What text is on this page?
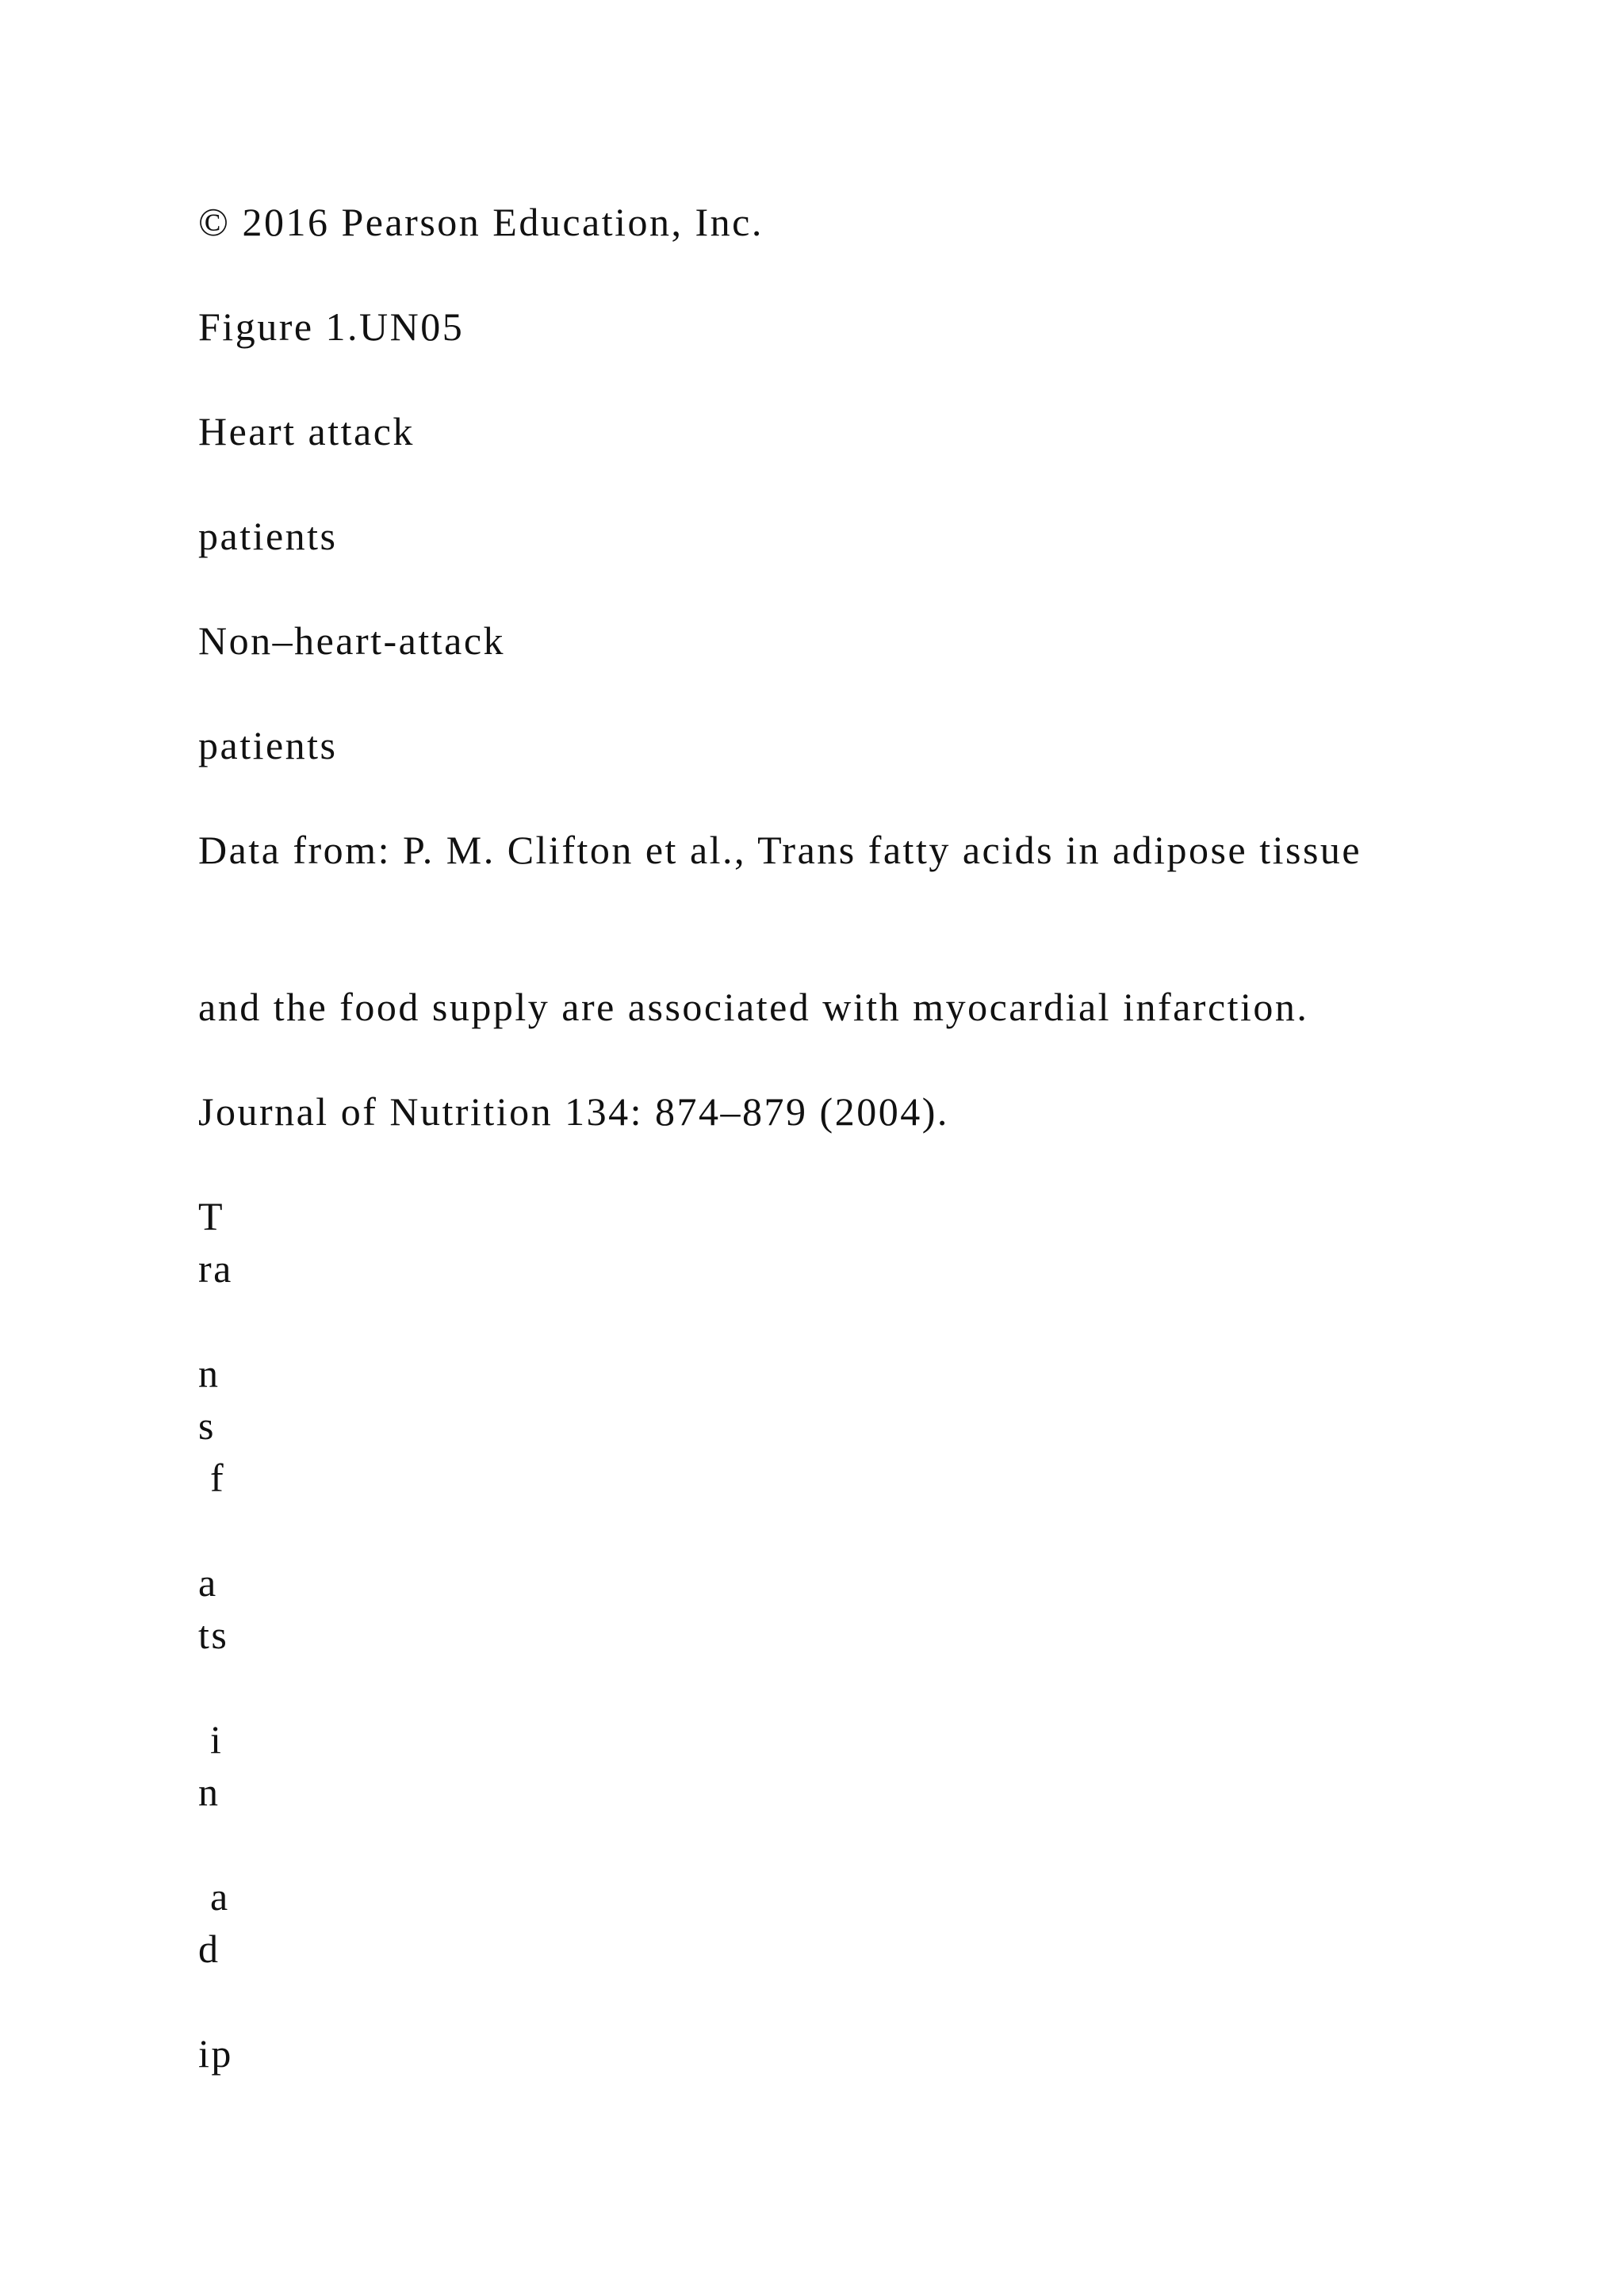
© 2016 Pearson Education, Inc.
Figure 1.UN05
Heart attack
patients
Non–heart-attack
patients
Data from: P. M. Clifton et al., Trans fatty acids in adipose tissue
and the food supply are associated with myocardial infarction.
Journal of Nutrition 134: 874–879 (2004).
T
ra
n
s
f
a
ts
i
n
a
d
ip
